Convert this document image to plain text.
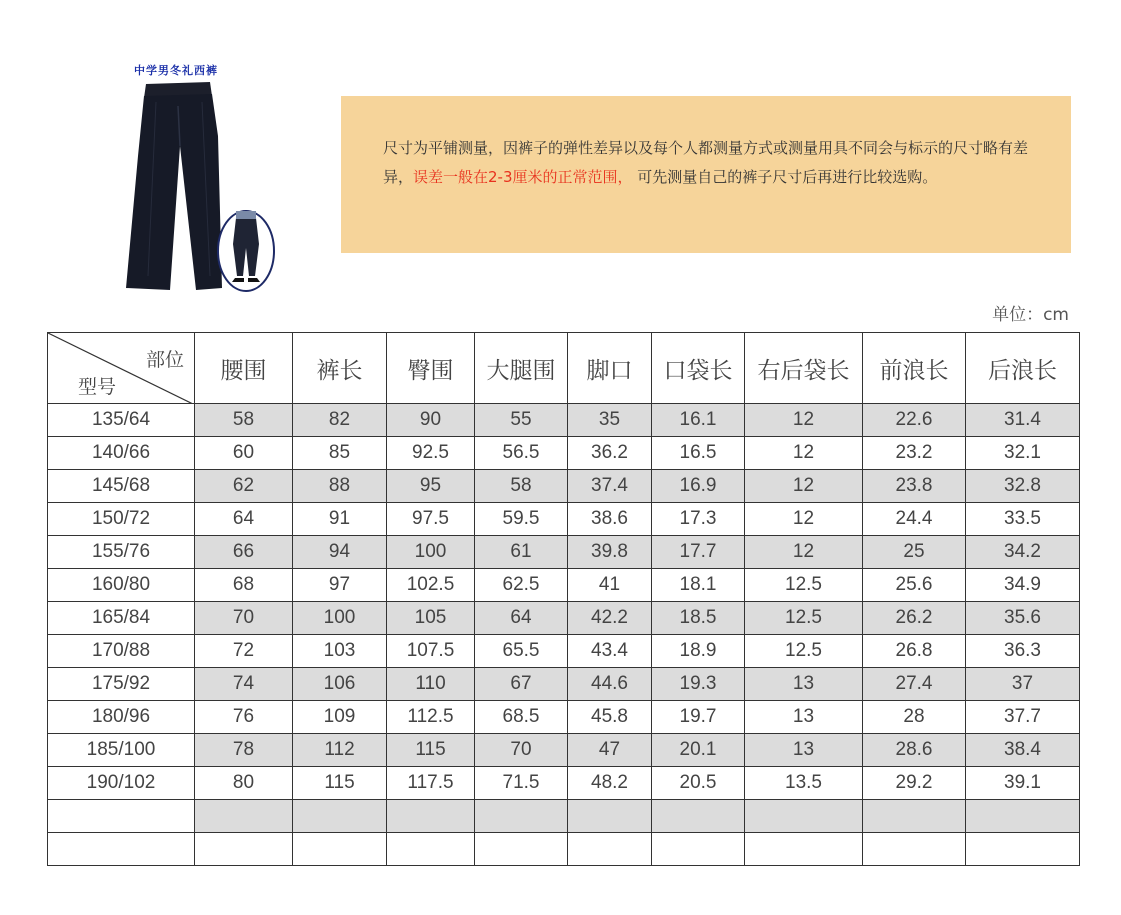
中学男冬礼西裤
尺寸为平铺测量，因裤子的弹性差异以及每个人都测量方式或测量用具不同会与标示的尺寸略有差异，误差一般在2-3厘米的正常范围， 可先测量自己的裤子尺寸后再进行比较选购。
单位：cm
部位
型号	腰围	裤长	臀围	大腿围	脚口	口袋长	右后袋长	前浪长	后浪长
135/64	58	82	90	55	35	16.1	12	22.6	31.4
140/66	60	85	92.5	56.5	36.2	16.5	12	23.2	32.1
145/68	62	88	95	58	37.4	16.9	12	23.8	32.8
150/72	64	91	97.5	59.5	38.6	17.3	12	24.4	33.5
155/76	66	94	100	61	39.8	17.7	12	25	34.2
160/80	68	97	102.5	62.5	41	18.1	12.5	25.6	34.9
165/84	70	100	105	64	42.2	18.5	12.5	26.2	35.6
170/88	72	103	107.5	65.5	43.4	18.9	12.5	26.8	36.3
175/92	74	106	110	67	44.6	19.3	13	27.4	37
180/96	76	109	112.5	68.5	45.8	19.7	13	28	37.7
185/100	78	112	115	70	47	20.1	13	28.6	38.4
190/102	80	115	117.5	71.5	48.2	20.5	13.5	29.2	39.1
